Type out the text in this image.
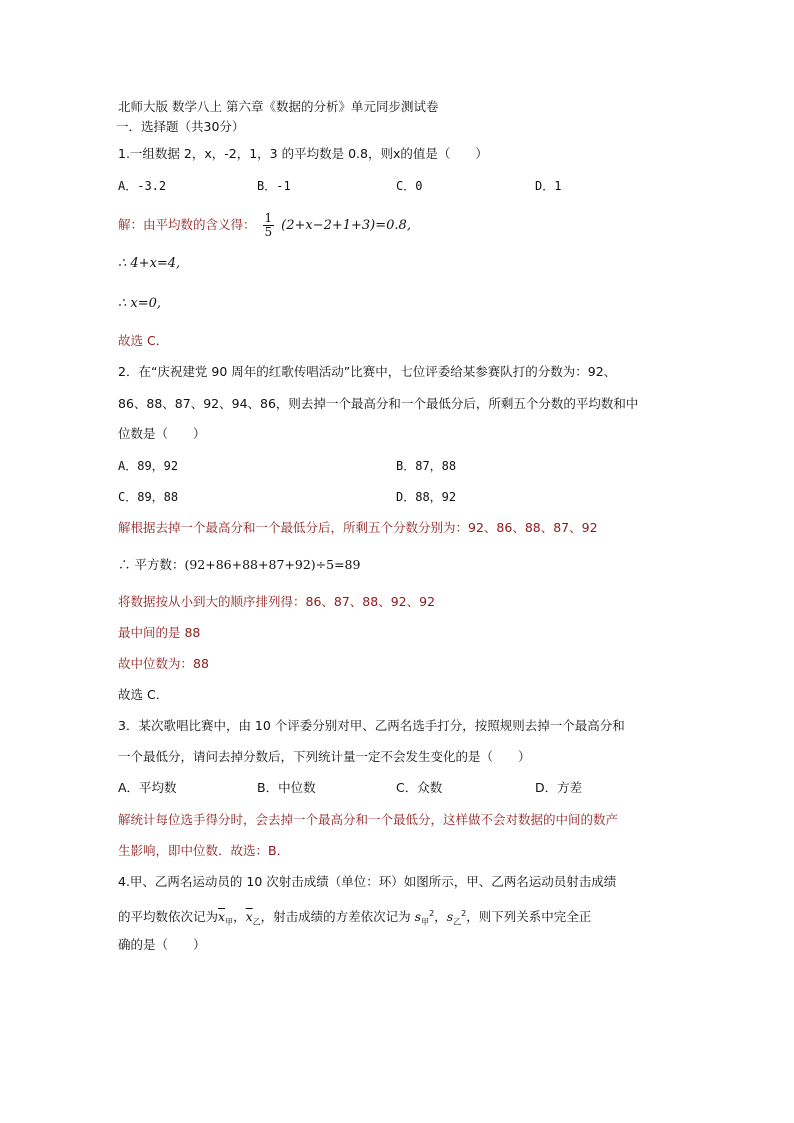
北师大版 数学八上 第六章《数据的分析》单元同步测试卷
一．选择题（共30分）
1.一组数据 2，x，-2，1，3 的平均数是 0.8，则x的值是（　　）
A．-3.2	B．-1	C．0	D．1
解：由平均数的含义得： $\frac{1}{5} (2+x-2+1+3)=0.8$,
∴ 4+x=4,
∴ x=0,
故选 C．
2．在“庆祝建党 90 周年的红歌传唱活动”比赛中，七位评委给某参赛队打的分数为：92、
86、88、87、92、94、86，则去掉一个最高分和一个最低分后，所剩五个分数的平均数和中
位数是（　　）
A．89，92	B．87，88
C．89，88	D．88，92
解根据去掉一个最高分和一个最低分后，所剩五个分数分别为：92、86、88、87、92
∴ 平方数：(92+86+88+87+92)÷5=89
将数据按从小到大的顺序排列得：86、87、88、92、92
最中间的是 88
故中位数为：88
故选 C．
3．某次歌唱比赛中，由 10 个评委分别对甲、乙两名选手打分，按照规则去掉一个最高分和
一个最低分，请问去掉分数后，下列统计量一定不会发生变化的是（　　）
A．平均数	B．中位数	C．众数	D．方差
解统计每位选手得分时，会去掉一个最高分和一个最低分，这样做不会对数据的中间的数产
生影响，即中位数．故选：B．
4.甲、乙两名运动员的 10 次射击成绩（单位：环）如图所示，甲、乙两名运动员射击成绩
的平均数依次记为$\overline{x}_甲$，$\overline{x}_乙$，射击成绩的方差依次记为 $s_甲^2$，$s_乙^2$，则下列关系中完全正
确的是（　　）
